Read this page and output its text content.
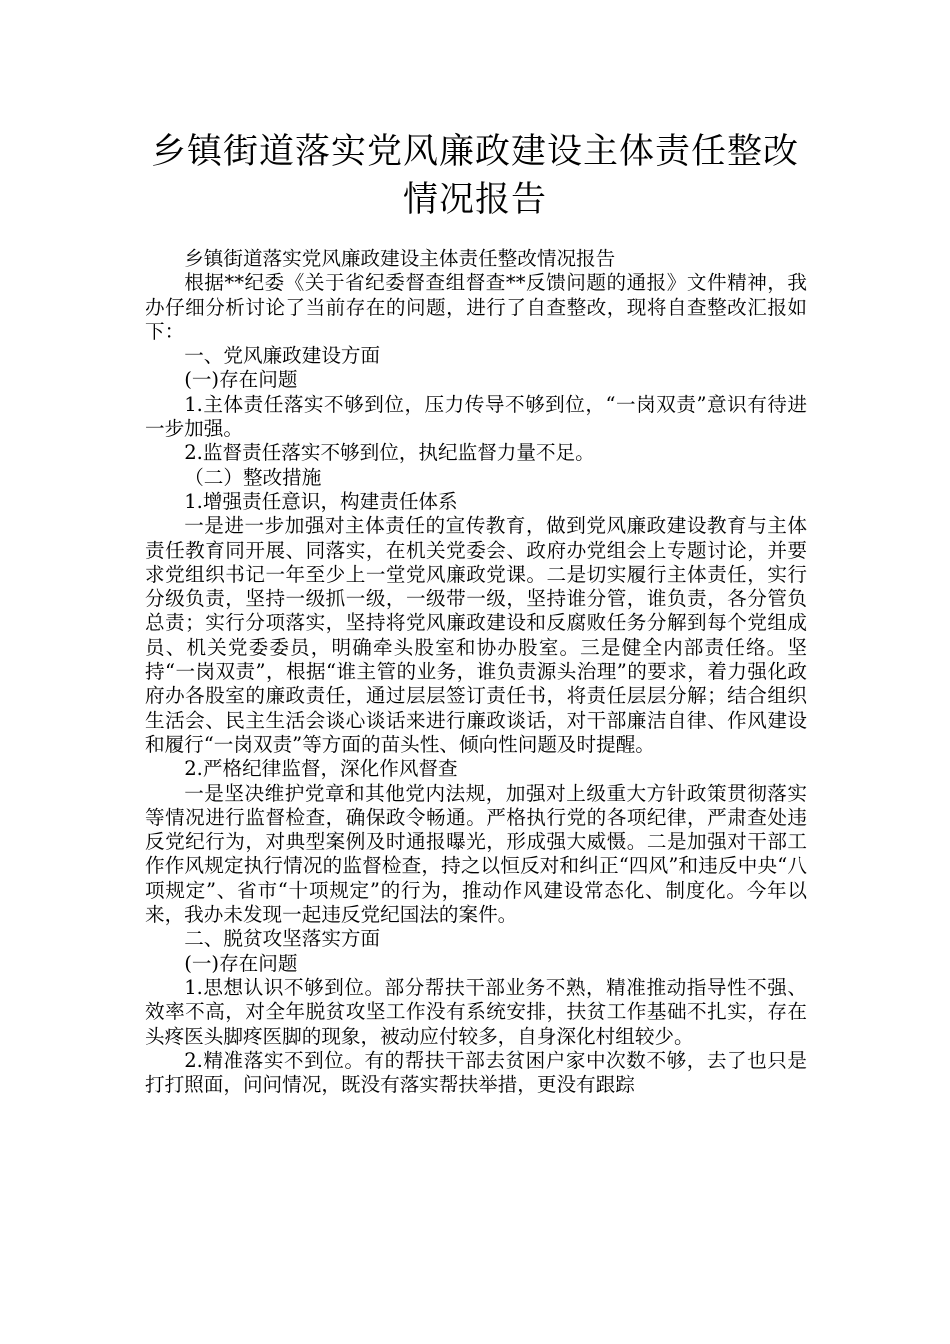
乡镇街道落实党风廉政建设主体责任整改
情况报告

乡镇街道落实党风廉政建设主体责任整改情况报告

根据**纪委《关于省纪委督查组督查**反馈问题的通报》文件精神，我办仔细分析讨论了当前存在的问题，进行了自查整改，现将自查整改汇报如下：

一、党风廉政建设方面

(一)存在问题

1.主体责任落实不够到位，压力传导不够到位，“一岗双责”意识有待进一步加强。

2.监督责任落实不够到位，执纪监督力量不足。

（二）整改措施

1.增强责任意识，构建责任体系

一是进一步加强对主体责任的宣传教育，做到党风廉政建设教育与主体责任教育同开展、同落实，在机关党委会、政府办党组会上专题讨论，并要求党组织书记一年至少上一堂党风廉政党课。二是切实履行主体责任，实行分级负责，坚持一级抓一级，一级带一级，坚持谁分管，谁负责，各分管负总责；实行分项落实，坚持将党风廉政建设和反腐败任务分解到每个党组成员、机关党委委员，明确牵头股室和协办股室。三是健全内部责任络。坚持“一岗双责”，根据“谁主管的业务，谁负责源头治理”的要求，着力强化政府办各股室的廉政责任，通过层层签订责任书，将责任层层分解；结合组织生活会、民主生活会谈心谈话来进行廉政谈话，对干部廉洁自律、作风建设和履行“一岗双责”等方面的苗头性、倾向性问题及时提醒。

2.严格纪律监督，深化作风督查

一是坚决维护党章和其他党内法规，加强对上级重大方针政策贯彻落实等情况进行监督检查，确保政令畅通。严格执行党的各项纪律，严肃查处违反党纪行为，对典型案例及时通报曝光，形成强大威慑。二是加强对干部工作作风规定执行情况的监督检查，持之以恒反对和纠正“四风”和违反中央“八项规定”、省市“十项规定”的行为，推动作风建设常态化、制度化。今年以来，我办未发现一起违反党纪国法的案件。

二、脱贫攻坚落实方面

(一)存在问题

1.思想认识不够到位。部分帮扶干部业务不熟，精准推动指导性不强、效率不高，对全年脱贫攻坚工作没有系统安排，扶贫工作基础不扎实，存在头疼医头脚疼医脚的现象，被动应付较多，自身深化村组较少。

2.精准落实不到位。有的帮扶干部去贫困户家中次数不够，去了也只是打打照面，问问情况，既没有落实帮扶举措，更没有跟踪
